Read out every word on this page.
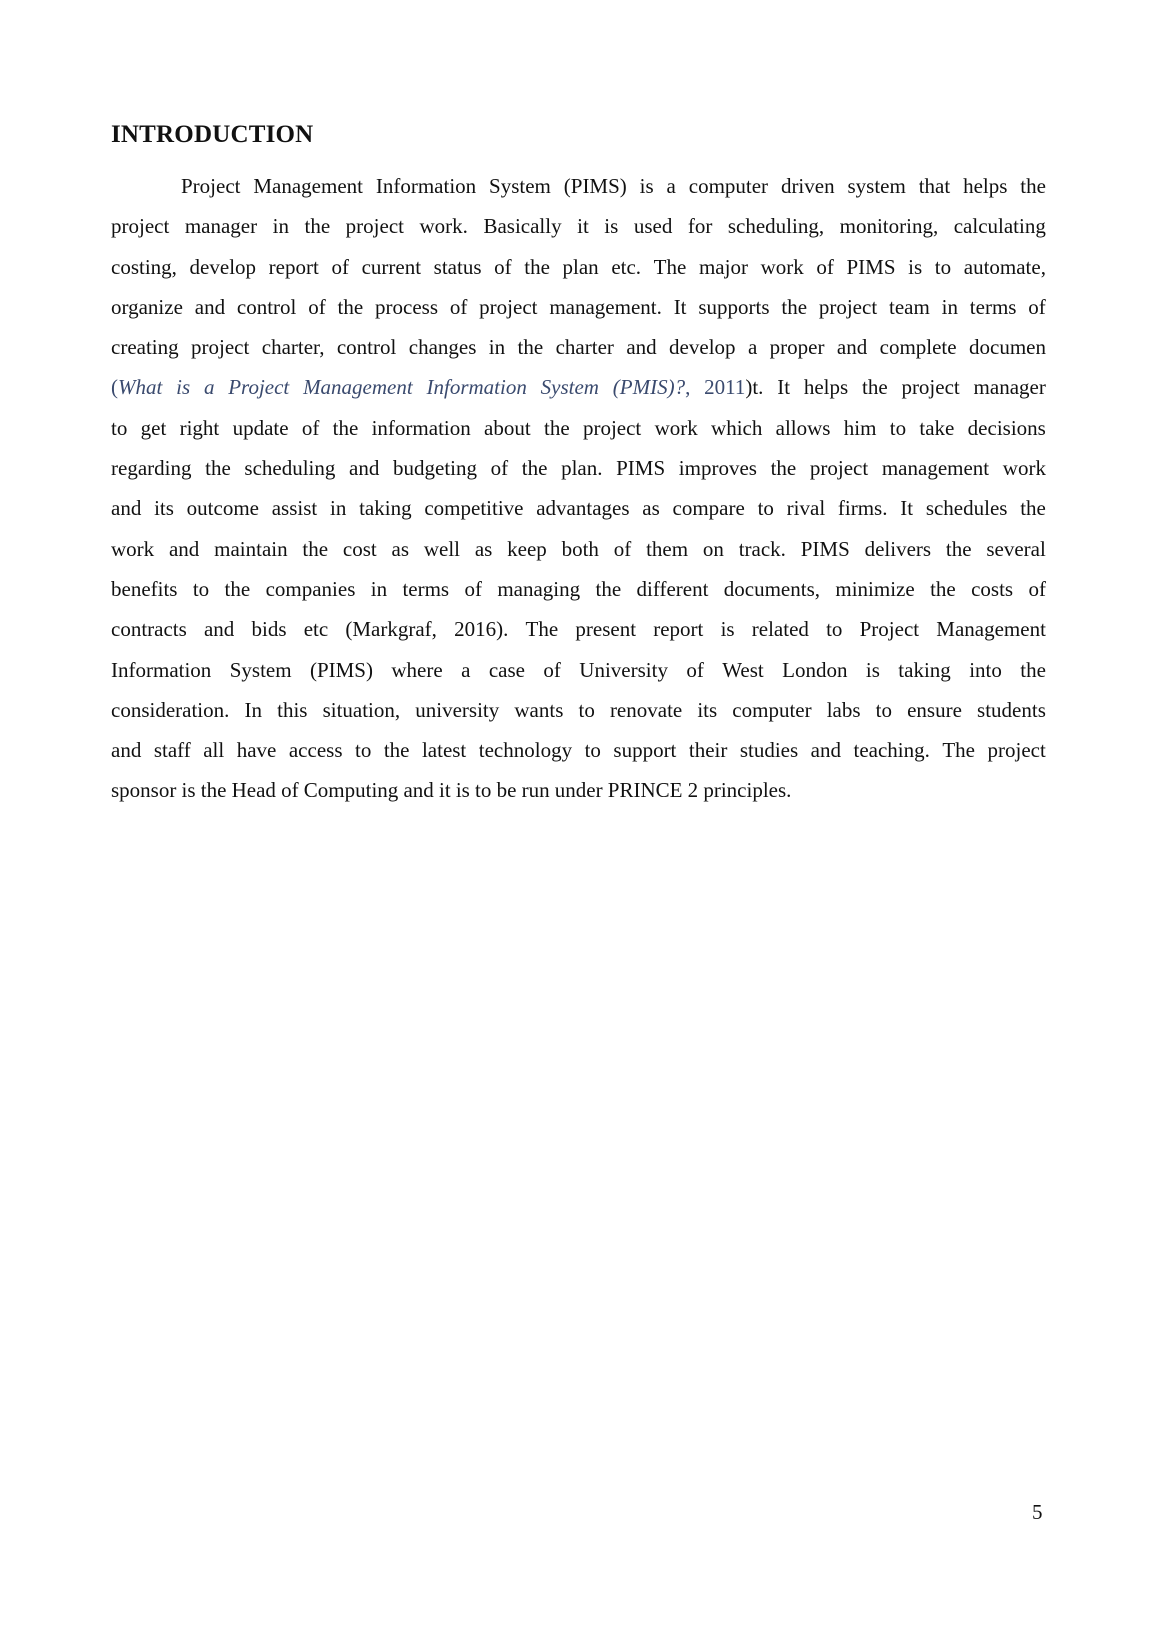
INTRODUCTION
Project Management Information System (PIMS) is a computer driven system that helps the
project manager in the project work. Basically it is used for scheduling, monitoring, calculating
costing, develop report of current status of the plan etc. The major work of PIMS is to automate,
organize and control of the process of project management. It supports the project team in terms of
creating project charter, control changes in the charter and develop a proper and complete documen
(What is a Project Management Information System (PMIS)?, 2011)t. It helps the project manager
to get right update of the information about the project work which allows him to take decisions
regarding the scheduling and budgeting of the plan. PIMS improves the project management work
and its outcome assist in taking competitive advantages as compare to rival firms. It schedules the
work and maintain the cost as well as keep both of them on track. PIMS delivers the several
benefits to the companies in terms of managing the different documents, minimize the costs of
contracts and bids etc (Markgraf, 2016). The present report is related to Project Management
Information System (PIMS) where a case of University of West London is taking into the
consideration. In this situation, university wants to renovate its computer labs to ensure students
and staff all have access to the latest technology to support their studies and teaching. The project
sponsor is the Head of Computing and it is to be run under PRINCE 2 principles.
5
